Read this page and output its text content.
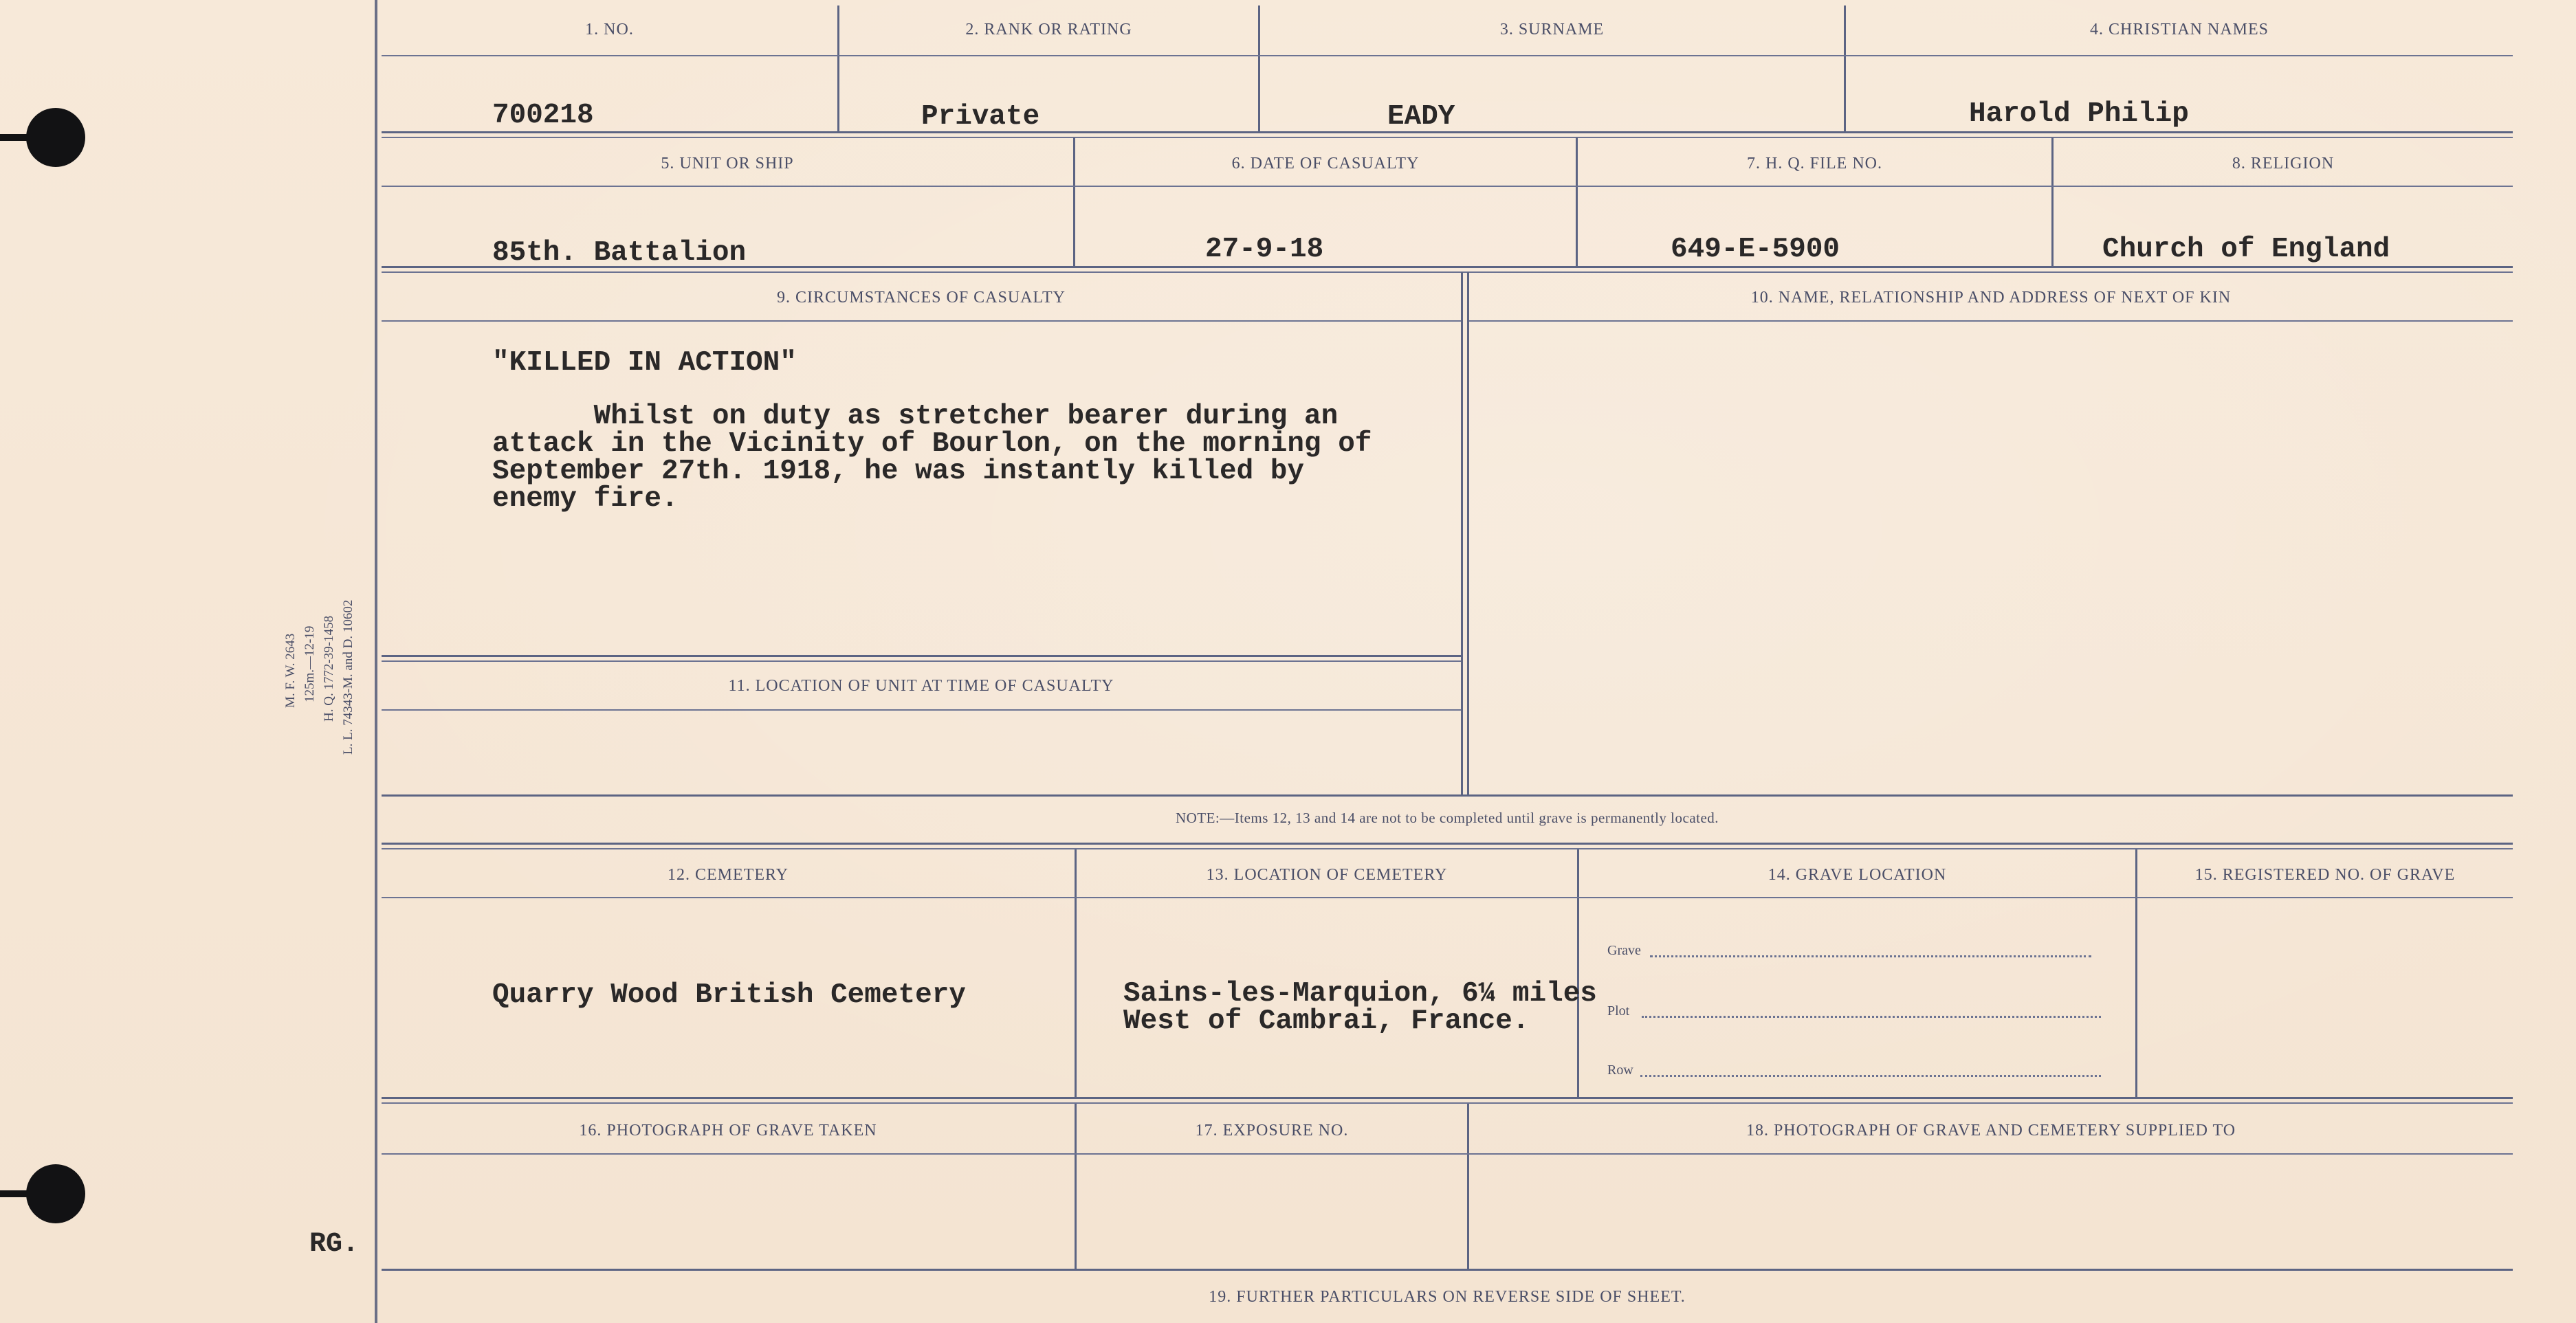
M. F. W. 2643 125m.—12-19 H. Q. 1772-39-1458 L. L. 74343-M. and D. 10602
RG.
1. NO.	2. RANK OR RATING	3. SURNAME	4. CHRISTIAN NAMES
700218	Private	EADY	Harold Philip
5. UNIT OR SHIP	6. DATE OF CASUALTY	7. H. Q. FILE NO.	8. RELIGION
85th. Battalion	27-9-18	649-E-5900	Church of England
9. CIRCUMSTANCES OF CASUALTY	10. NAME, RELATIONSHIP AND ADDRESS OF NEXT OF KIN
"KILLED IN ACTION"
Whilst on duty as stretcher bearer during an
attack in the Vicinity of Bourlon, on the morning of
September 27th. 1918, he was instantly killed by
enemy fire.
11. LOCATION OF UNIT AT TIME OF CASUALTY
NOTE:—Items 12, 13 and 14 are not to be completed until grave is permanently located.
12. CEMETERY	13. LOCATION OF CEMETERY	14. GRAVE LOCATION	15. REGISTERED NO. OF GRAVE
Quarry Wood British Cemetery	Sains-les-Marquion, 6¼ miles
West of Cambrai, France.
Grave
Plot
Row
16. PHOTOGRAPH OF GRAVE TAKEN	17. EXPOSURE NO.	18. PHOTOGRAPH OF GRAVE AND CEMETERY SUPPLIED TO
19. FURTHER PARTICULARS ON REVERSE SIDE OF SHEET.
